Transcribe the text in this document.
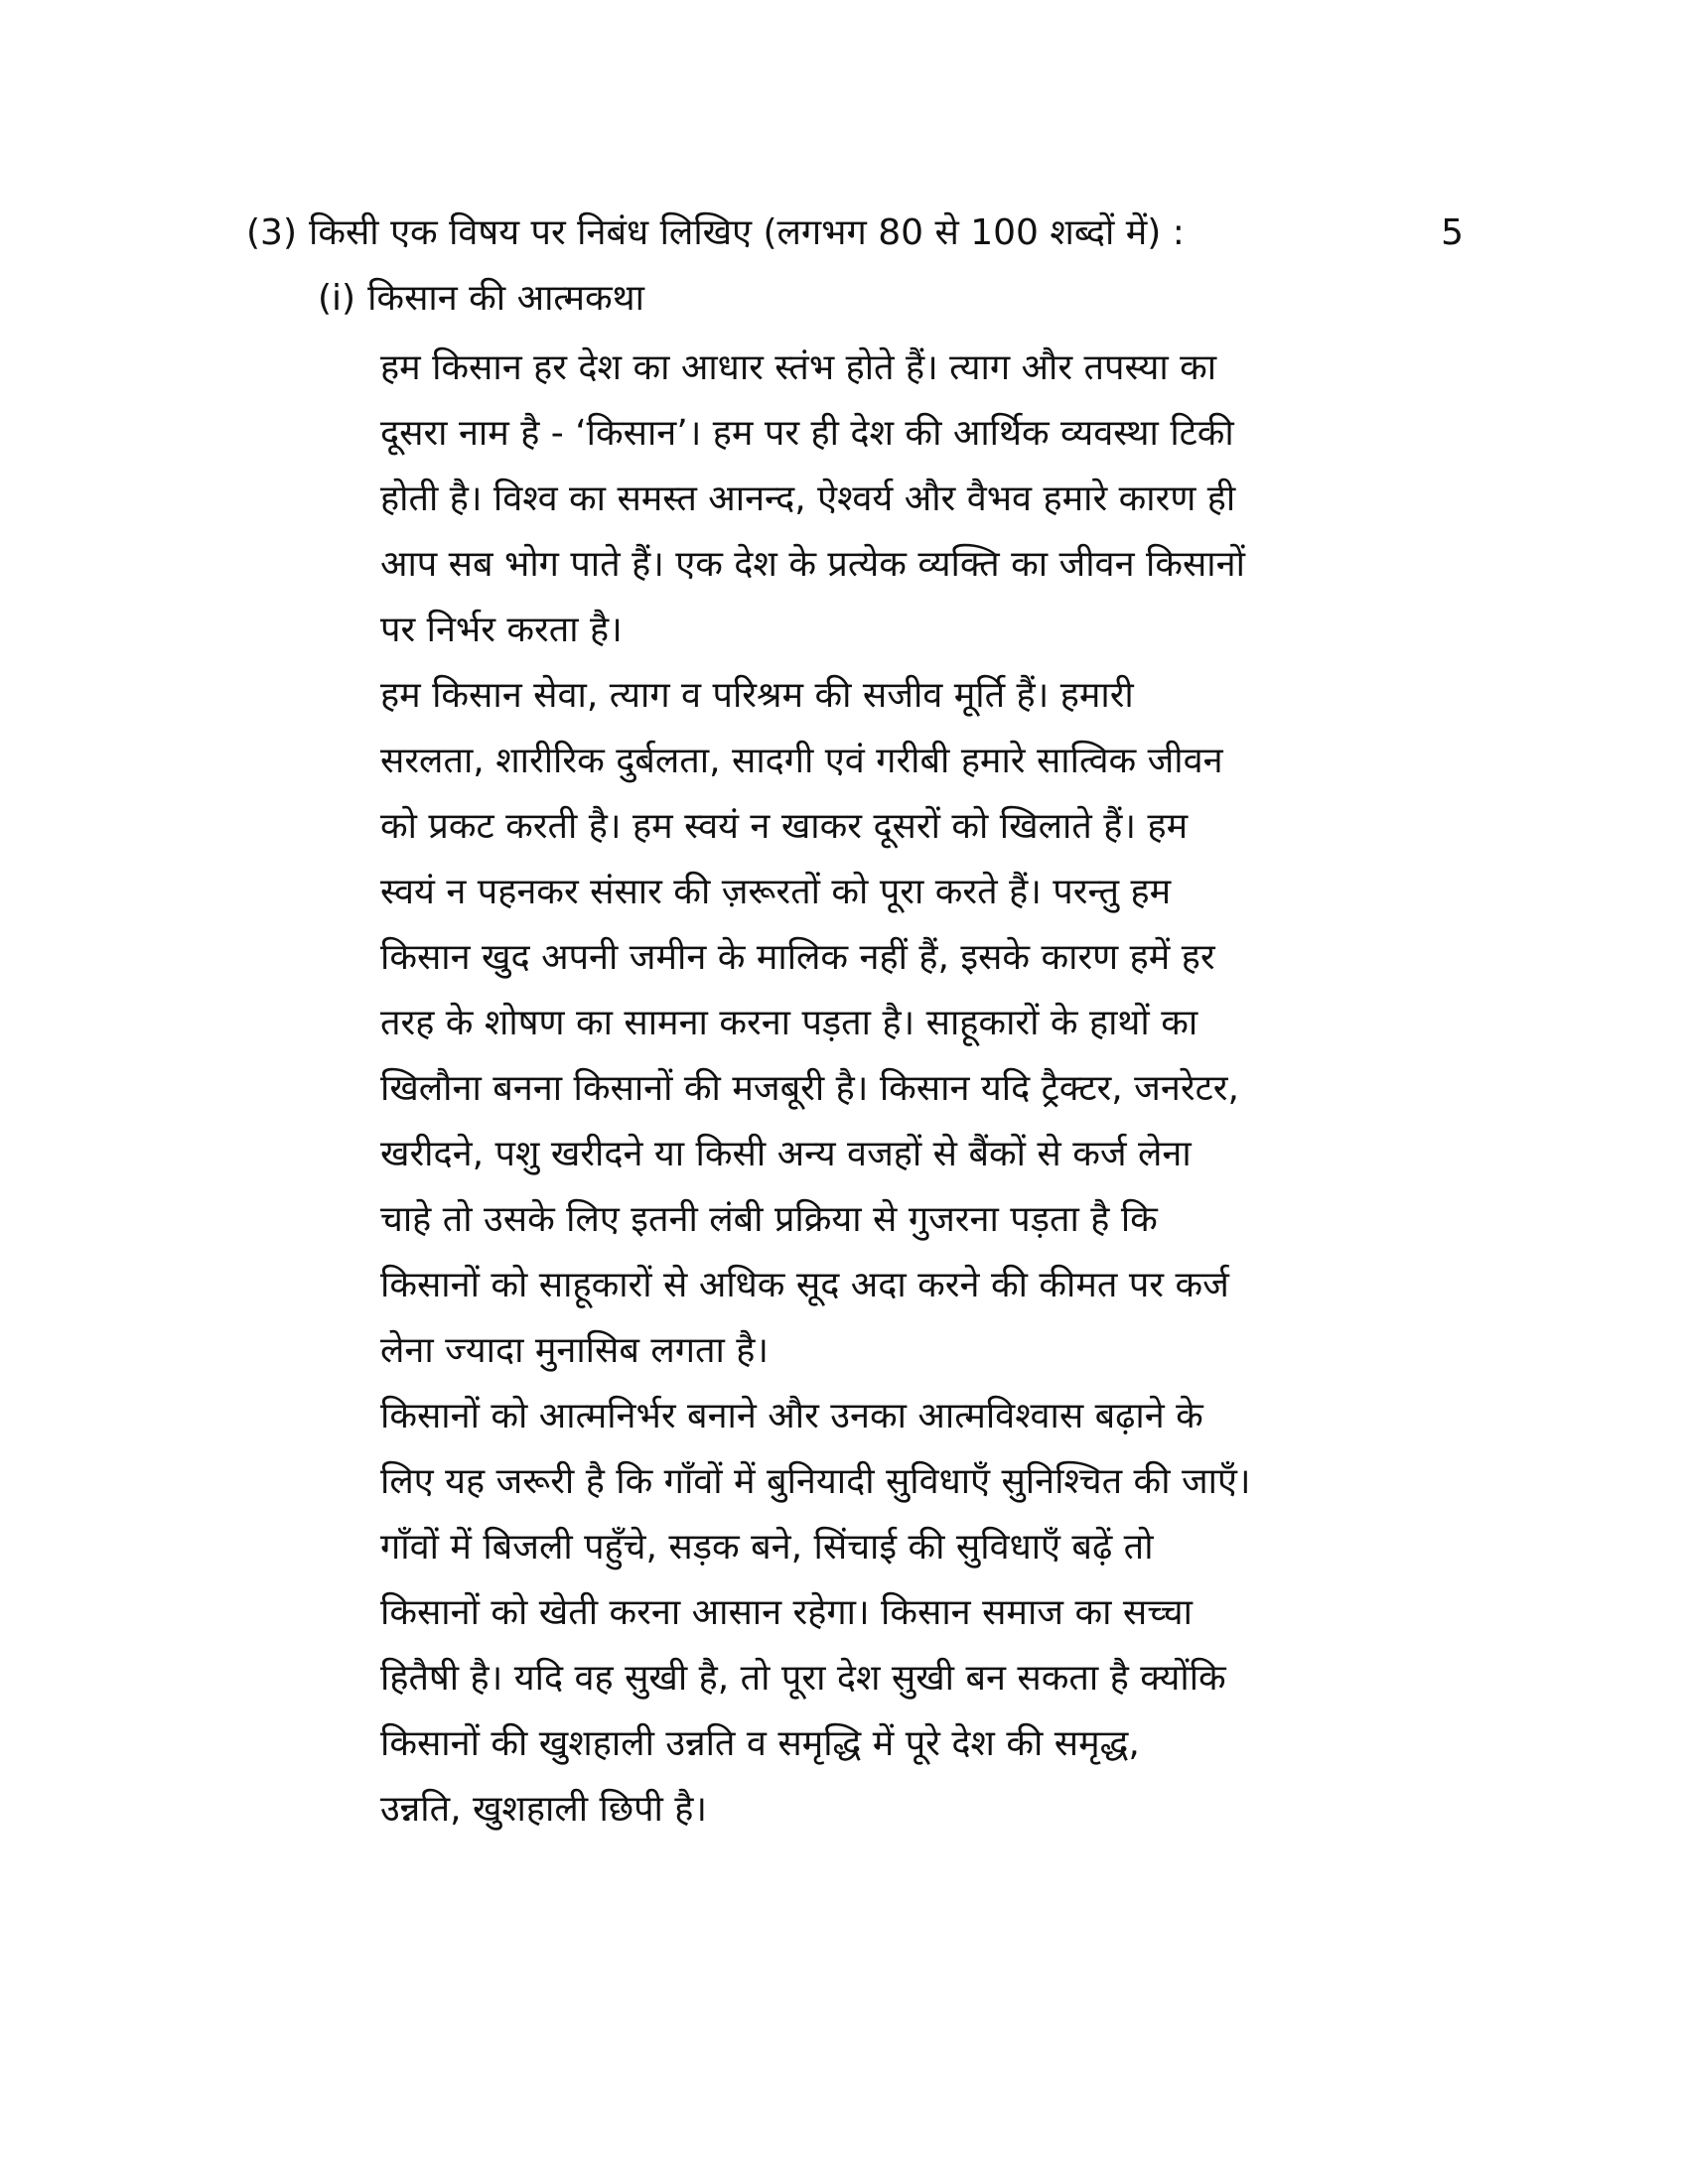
(3) किसी एक विषय पर निबंध लिखिए (लगभग 80 से 100 शब्दों में) :	5
(i) किसान की आत्मकथा
हम किसान हर देश का आधार स्तंभ होते हैं। त्याग और तपस्या का
दूसरा नाम है - ‘किसान’। हम पर ही देश की आर्थिक व्यवस्था टिकी
होती है। विश्व का समस्त आनन्द, ऐश्वर्य और वैभव हमारे कारण ही
आप सब भोग पाते हैं। एक देश के प्रत्येक व्यक्ति का जीवन किसानों
पर निर्भर करता है।
हम किसान सेवा, त्याग व परिश्रम की सजीव मूर्ति हैं। हमारी
सरलता, शारीरिक दुर्बलता, सादगी एवं गरीबी हमारे सात्विक जीवन
को प्रकट करती है। हम स्वयं न खाकर दूसरों को खिलाते हैं। हम
स्वयं न पहनकर संसार की ज़रूरतों को पूरा करते हैं। परन्तु हम
किसान खुद अपनी जमीन के मालिक नहीं हैं, इसके कारण हमें हर
तरह के शोषण का सामना करना पड़ता है। साहूकारों के हाथों का
खिलौना बनना किसानों की मजबूरी है। किसान यदि ट्रैक्टर, जनरेटर,
खरीदने, पशु खरीदने या किसी अन्य वजहों से बैंकों से कर्ज लेना
चाहे तो उसके लिए इतनी लंबी प्रक्रिया से गुजरना पड़ता है कि
किसानों को साहूकारों से अधिक सूद अदा करने की कीमत पर कर्ज
लेना ज्यादा मुनासिब लगता है।
किसानों को आत्मनिर्भर बनाने और उनका आत्मविश्वास बढ़ाने के
लिए यह जरूरी है कि गाँवों में बुनियादी सुविधाएँ सुनिश्चित की जाएँ।
गाँवों में बिजली पहुँचे, सड़क बने, सिंचाई की सुविधाएँ बढ़ें तो
किसानों को खेती करना आसान रहेगा। किसान समाज का सच्चा
हितैषी है। यदि वह सुखी है, तो पूरा देश सुखी बन सकता है क्योंकि
किसानों की खुशहाली उन्नति व समृद्धि में पूरे देश की समृद्ध,
उन्नति, खुशहाली छिपी है।
